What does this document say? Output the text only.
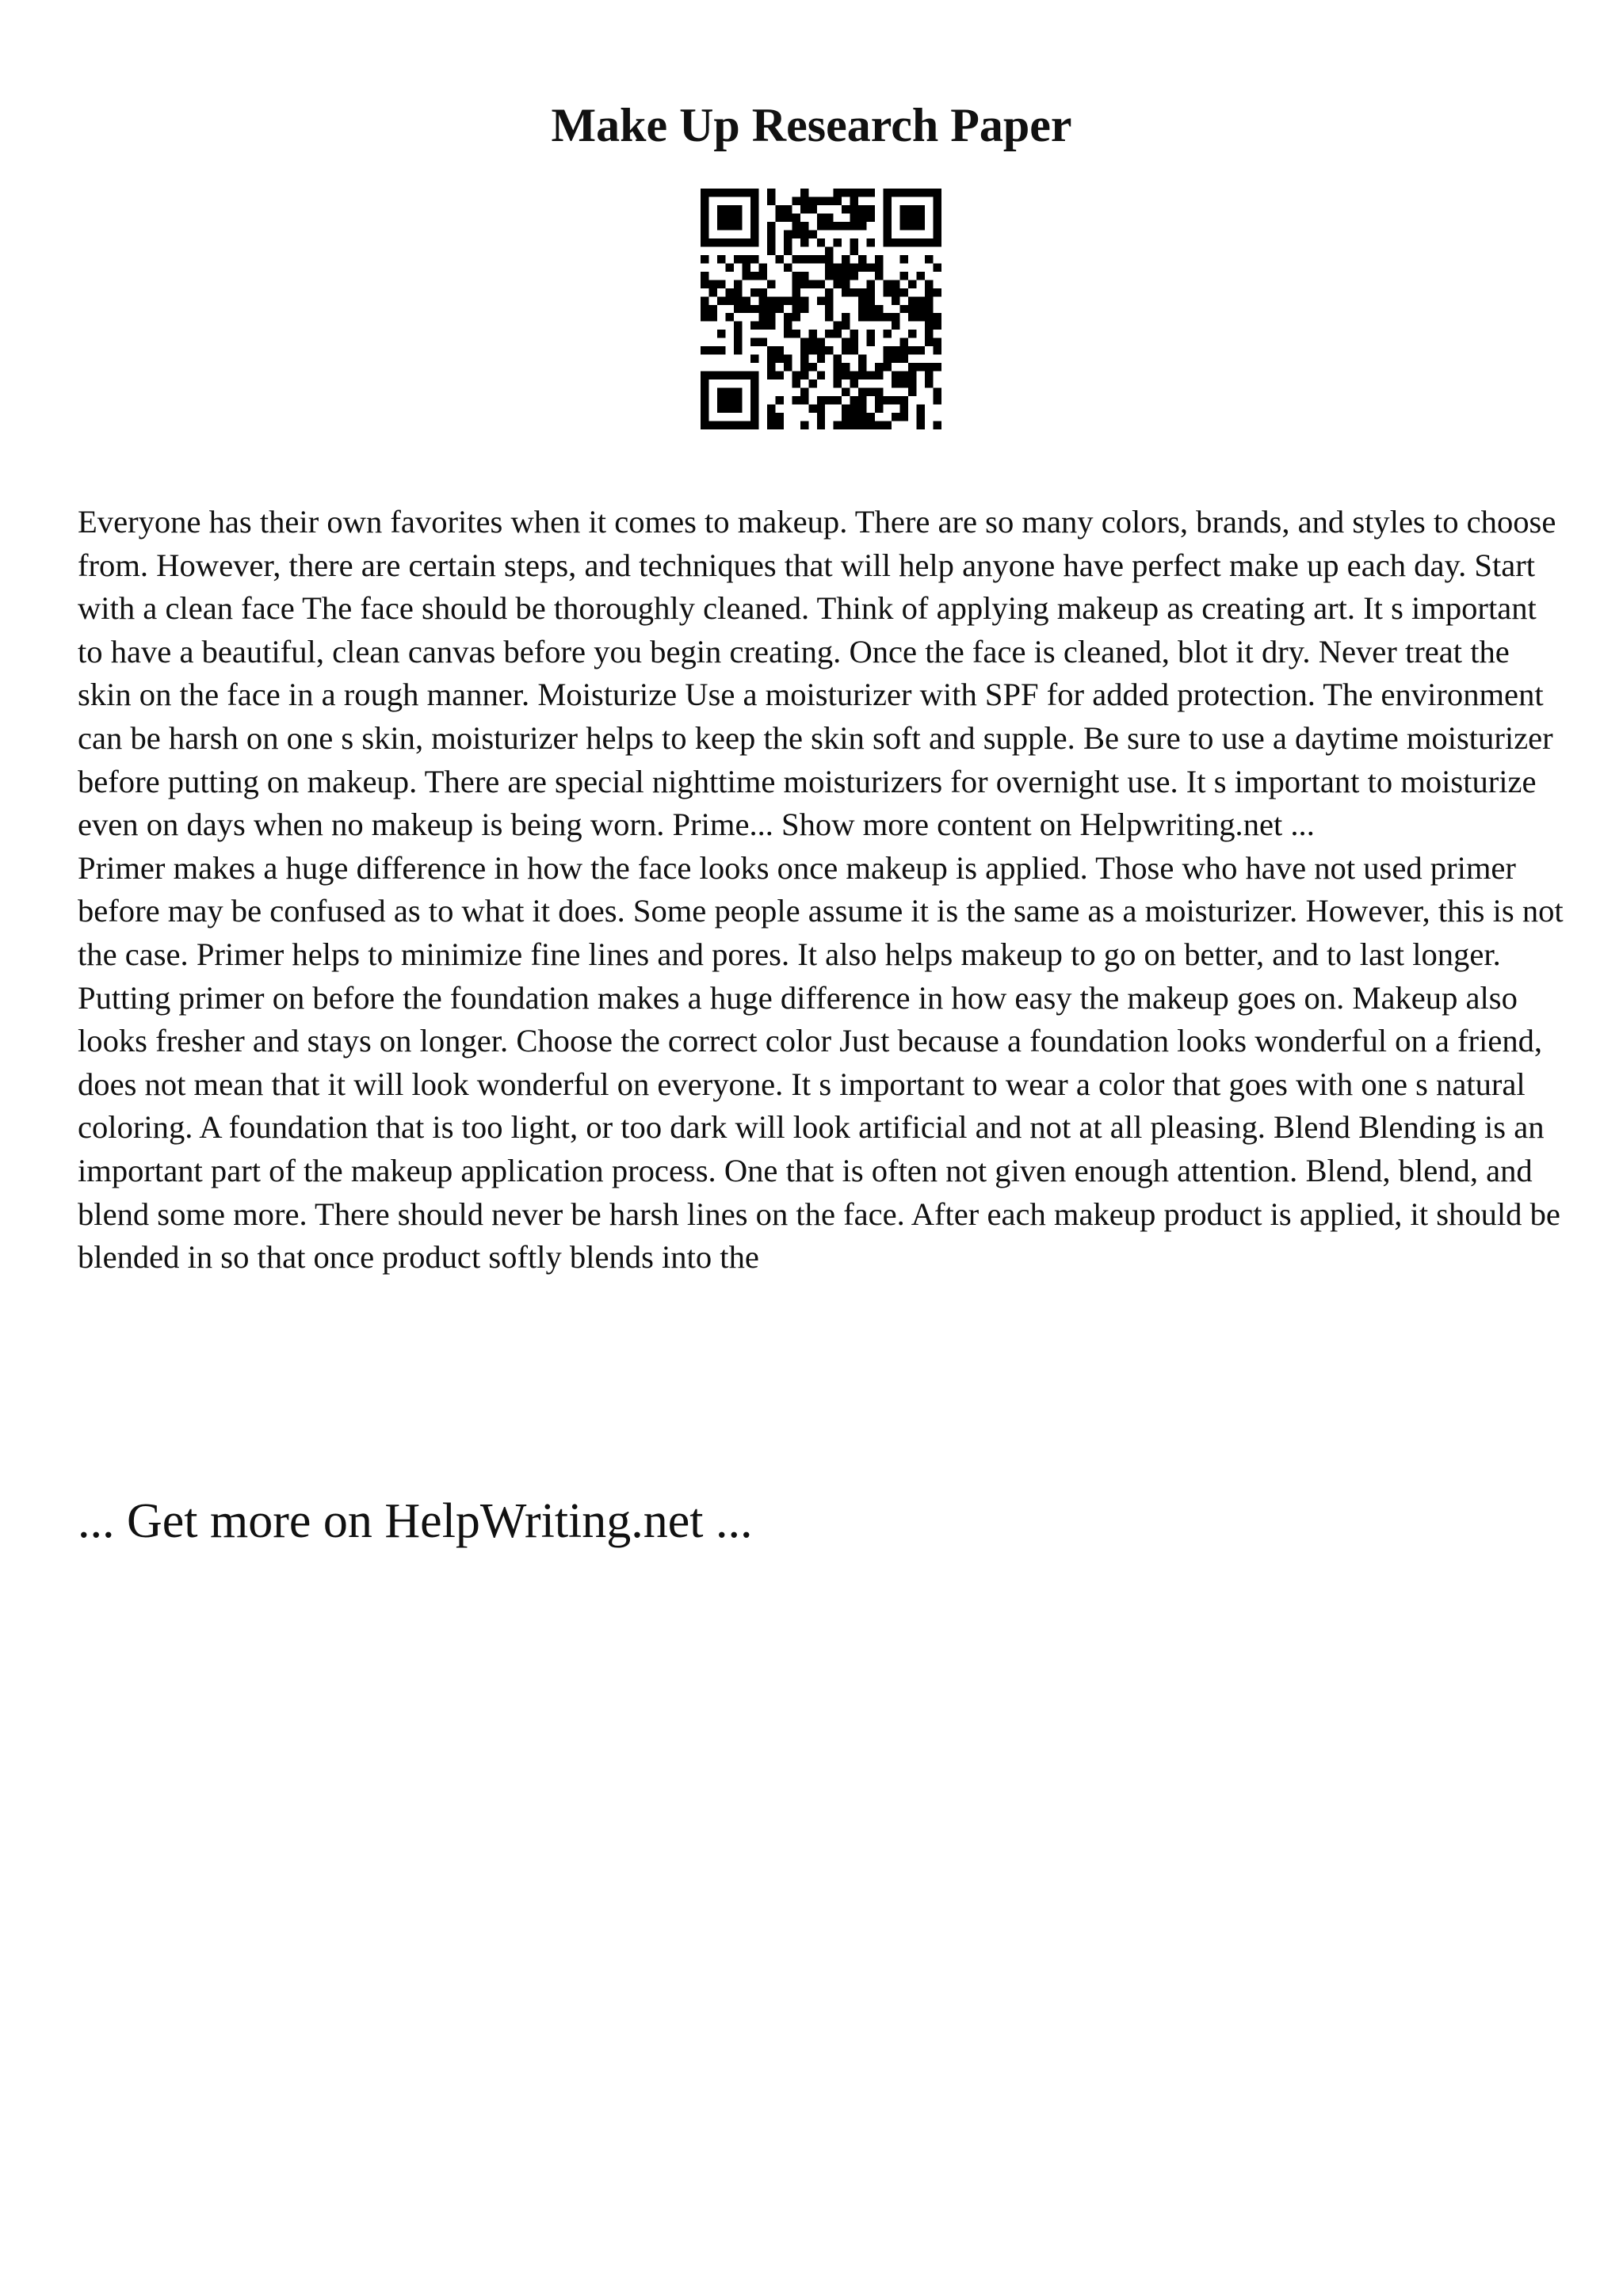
Make Up Research Paper

Everyone has their own favorites when it comes to makeup. There are so many colors, brands, and styles to choose from. However, there are certain steps, and techniques that will help anyone have perfect make up each day. Start with a clean face The face should be thoroughly cleaned. Think of applying makeup as creating art. It s important to have a beautiful, clean canvas before you begin creating. Once the face is cleaned, blot it dry. Never treat the skin on the face in a rough manner. Moisturize Use a moisturizer with SPF for added protection. The environment can be harsh on one s skin, moisturizer helps to keep the skin soft and supple. Be sure to use a daytime moisturizer before putting on makeup. There are special nighttime moisturizers for overnight use. It s important to moisturize even on days when no makeup is being worn. Prime... Show more content on Helpwriting.net ...

Primer makes a huge difference in how the face looks once makeup is applied. Those who have not used primer before may be confused as to what it does. Some people assume it is the same as a moisturizer. However, this is not the case. Primer helps to minimize fine lines and pores. It also helps makeup to go on better, and to last longer. Putting primer on before the foundation makes a huge difference in how easy the makeup goes on. Makeup also looks fresher and stays on longer. Choose the correct color Just because a foundation looks wonderful on a friend, does not mean that it will look wonderful on everyone. It s important to wear a color that goes with one s natural coloring. A foundation that is too light, or too dark will look artificial and not at all pleasing. Blend Blending is an important part of the makeup application process. One that is often not given enough attention. Blend, blend, and blend some more. There should never be harsh lines on the face. After each makeup product is applied, it should be blended in so that once product softly blends into the

... Get more on HelpWriting.net ...
